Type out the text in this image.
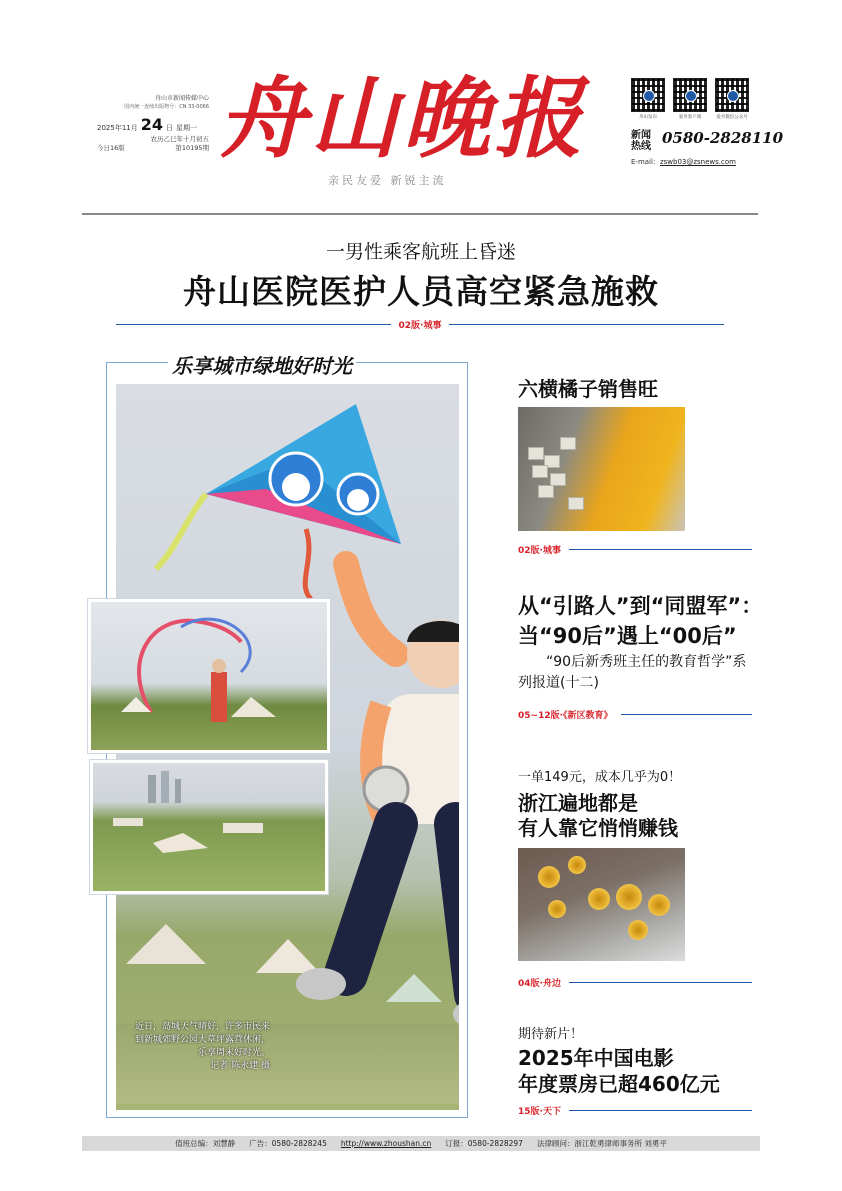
舟山市新闻传媒中心
国内统一连续出版物号：CN 33-0066
2025年11月 24 日 星期一
农历乙巳年十月初五
今日16版	第10195期 舟山晚报
亲民友爱 新锐主流
舟山发布	爱舟客户端	爱舟微信公众号
新闻热线 0580-2828110
E-mail：zswb03@zsnews.com
一男性乘客航班上昏迷
舟山医院医护人员高空紧急施救
02版·城事
乐享城市绿地好时光
近日，岛城天气晴好，许多市民来到新城郊野公园大草坪露营休闲，乐享周末好时光。
记者 陈永建 摄
六横橘子销售旺
02版·城事
从“引路人”到“同盟军”：
当“90后”遇上“00后”
“90后新秀班主任的教育哲学”系列报道(十二)
05~12版·《新区教育》
一单149元，成本几乎为0！
浙江遍地都是
有人靠它悄悄赚钱
04版·舟边
期待新片！
2025年中国电影
年度票房已超460亿元
15版·天下
值班总编：刘慧静 广告：0580-2828245 http://www.zhoushan.cn 订报：0580-2828297 法律顾问：浙江乾勇律师事务所 刘勇平
